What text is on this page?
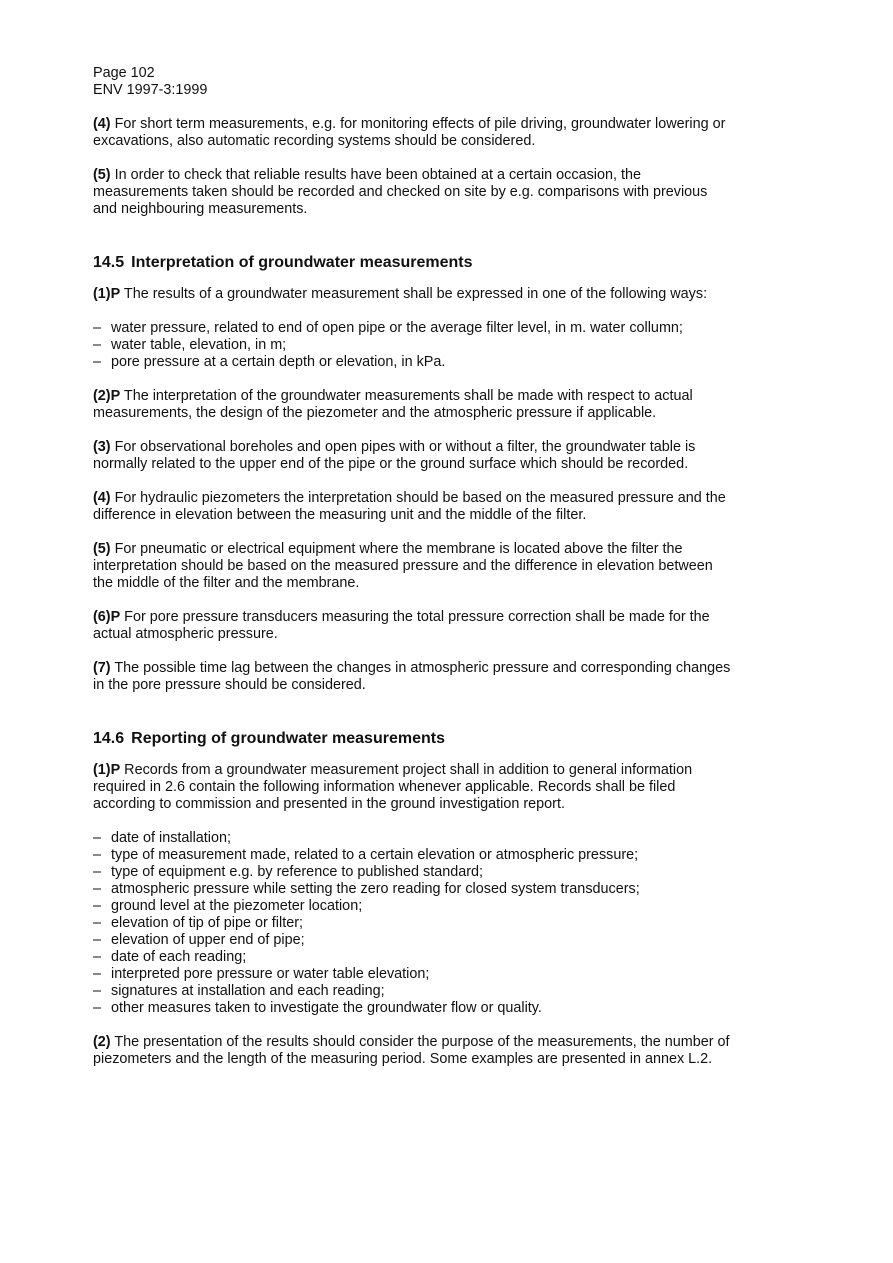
Page 102
ENV 1997-3:1999

(4) For short term measurements, e.g. for monitoring effects of pile driving, groundwater lowering or excavations, also automatic recording systems should be considered.

(5) In order to check that reliable results have been obtained at a certain occasion, the measurements taken should be recorded and checked on site by e.g. comparisons with previous and neighbouring measurements.

14.5 Interpretation of groundwater measurements

(1)P The results of a groundwater measurement shall be expressed in one of the following ways:

– water pressure, related to end of open pipe or the average filter level, in m. water collumn;
– water table, elevation, in m;
– pore pressure at a certain depth or elevation, in kPa.

(2)P The interpretation of the groundwater measurements shall be made with respect to actual measurements, the design of the piezometer and the atmospheric pressure if applicable.

(3) For observational boreholes and open pipes with or without a filter, the groundwater table is normally related to the upper end of the pipe or the ground surface which should be recorded.

(4) For hydraulic piezometers the interpretation should be based on the measured pressure and the difference in elevation between the measuring unit and the middle of the filter.

(5) For pneumatic or electrical equipment where the membrane is located above the filter the interpretation should be based on the measured pressure and the difference in elevation between the middle of the filter and the membrane.

(6)P For pore pressure transducers measuring the total pressure correction shall be made for the actual atmospheric pressure.

(7) The possible time lag between the changes in atmospheric pressure and corresponding changes in the pore pressure should be considered.

14.6 Reporting of groundwater measurements

(1)P Records from a groundwater measurement project shall in addition to general information required in 2.6 contain the following information whenever applicable. Records shall be filed according to commission and presented in the ground investigation report.

– date of installation;
– type of measurement made, related to a certain elevation or atmospheric pressure;
– type of equipment e.g. by reference to published standard;
– atmospheric pressure while setting the zero reading for closed system transducers;
– ground level at the piezometer location;
– elevation of tip of pipe or filter;
– elevation of upper end of pipe;
– date of each reading;
– interpreted pore pressure or water table elevation;
– signatures at installation and each reading;
– other measures taken to investigate the groundwater flow or quality.

(2) The presentation of the results should consider the purpose of the measurements, the number of piezometers and the length of the measuring period. Some examples are presented in annex L.2.
